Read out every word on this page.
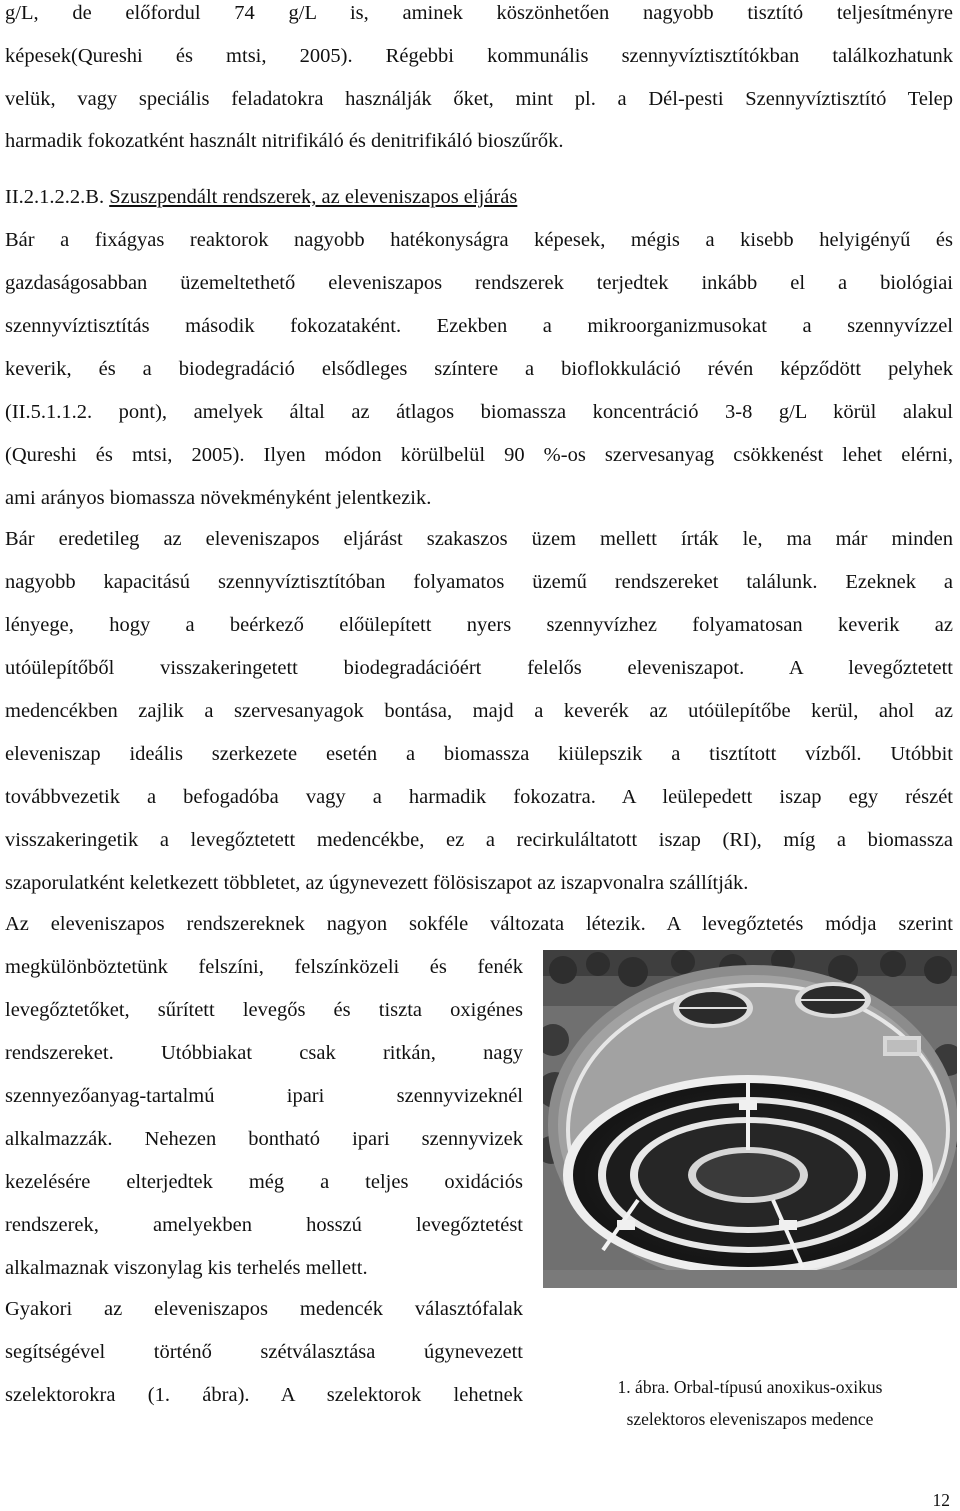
g/L, de előfordul 74 g/L is, aminek köszönhetően nagyobb tisztító teljesítményre
képesek(Qureshi és mtsi, 2005). Régebbi kommunális szennyvíztisztítókban találkozhatunk
velük, vagy speciális feladatokra használják őket, mint pl. a Dél-pesti Szennyvíztisztító Telep
harmadik fokozatként használt nitrifikáló és denitrifikáló bioszűrők.
II.2.1.2.2.B. Szuszpendált rendszerek, az eleveniszapos eljárás
Bár a fixágyas reaktorok nagyobb hatékonyságra képesek, mégis a kisebb helyigényű és
gazdaságosabban üzemeltethető eleveniszapos rendszerek terjedtek inkább el a biológiai
szennyvíztisztítás második fokozataként. Ezekben a mikroorganizmusokat a szennyvízzel
keverik, és a biodegradáció elsődleges színtere a bioflokkuláció révén képződött pelyhek
(II.5.1.1.2. pont), amelyek által az átlagos biomassza koncentráció 3-8 g/L körül alakul
(Qureshi és mtsi, 2005). Ilyen módon körülbelül 90 %-os szervesanyag csökkenést lehet elérni,
ami arányos biomassza növekményként jelentkezik.
Bár eredetileg az eleveniszapos eljárást szakaszos üzem mellett írták le, ma már minden
nagyobb kapacitású szennyvíztisztítóban folyamatos üzemű rendszereket találunk. Ezeknek a
lényege, hogy a beérkező előülepített nyers szennyvízhez folyamatosan keverik az
utóülepítőből visszakeringetett biodegradációért felelős eleveniszapot. A levegőztetett
medencékben zajlik a szervesanyagok bontása, majd a keverék az utóülepítőbe kerül, ahol az
eleveniszap ideális szerkezete esetén a biomassza kiülepszik a tisztított vízből. Utóbbit
továbbvezetik a befogadóba vagy a harmadik fokozatra. A leülepedett iszap egy részét
visszakeringetik a levegőztetett medencékbe, ez a recirkuláltatott iszap (RI), míg a biomassza
szaporulatként keletkezett többletet, az úgynevezett fölösiszapot az iszapvonalra szállítják.
Az eleveniszapos rendszereknek nagyon sokféle változata létezik. A levegőztetés módja szerint
megkülönböztetünk felszíni, felszínközeli és fenék
levegőztetőket, sűrített levegős és tiszta oxigénes
rendszereket. Utóbbiakat csak ritkán, nagy
szennyezőanyag-tartalmú ipari szennyvizeknél
alkalmazzák. Nehezen bontható ipari szennyvizek
kezelésére elterjedtek még a teljes oxidációs
rendszerek, amelyekben hosszú levegőztetést
alkalmaznak viszonylag kis terhelés mellett.
Gyakori az eleveniszapos medencék választófalak
segítségével történő szétválasztása úgynevezett
szelektorokra (1. ábra). A szelektorok lehetnek	1. ábra. Orbal-típusú anoxikus-oxikus
szelektoros eleveniszapos medence
12
